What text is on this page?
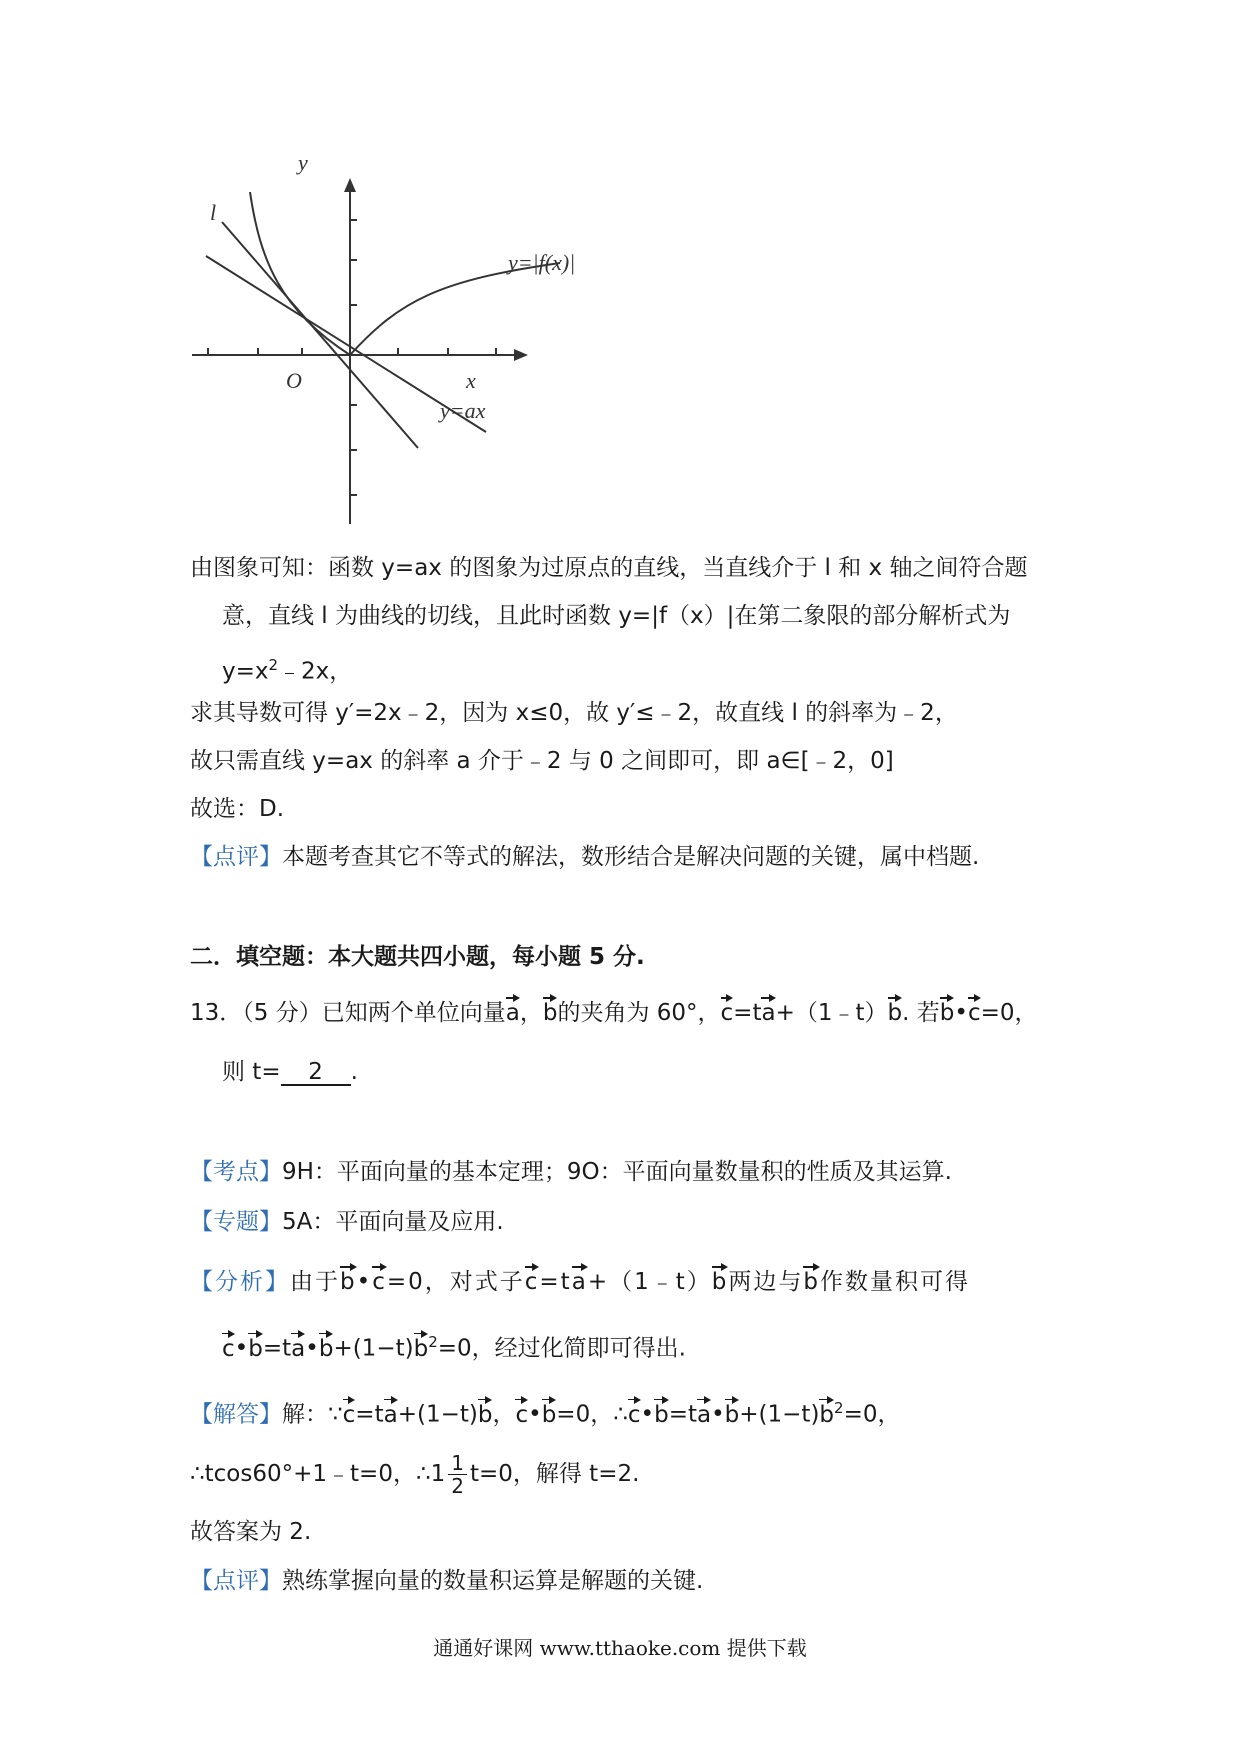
y
x
O
l
y=|f(x)|
y=ax
由图象可知：函数 y=ax 的图象为过原点的直线，当直线介于 l 和 x 轴之间符合题
意，直线 l 为曲线的切线，且此时函数 y=|f（x）|在第二象限的部分解析式为
$y=x^2﹣2x$，
求其导数可得 y′=2x﹣2，因为 x≤0，故 y′≤﹣2，故直线 l 的斜率为﹣2，
故只需直线 y=ax 的斜率 a 介于﹣2 与 0 之间即可，即 a∈[﹣2，0]
故选：D.
【点评】本题考查其它不等式的解法，数形结合是解决问题的关键，属中档题.
二．填空题：本大题共四小题，每小题 5 分.
13．（5 分）已知两个单位向量a，b的夹角为 60°，c=ta+（1﹣t）b. 若b•c=0，
则 t= 2 .
【考点】9H：平面向量的基本定理；9O：平面向量数量积的性质及其运算.
【专题】5A：平面向量及应用.
【分析】由于b•c=0，对式子c=ta+（1﹣t）b两边与b作数量积可得
$c•b=ta•b+(1-t)b^2=0$，经过化简即可得出.
【解答】解：∵c=ta+(1−t)b，c•b=0，$\therefore c•b=ta•b+(1-t)b^2=0$，
∴tcos60°+1﹣t=0，∴1 $\frac{1}{2} t=0$，解得 t=2.
故答案为 2.
【点评】熟练掌握向量的数量积运算是解题的关键.
通通好课网 www.tthaoke.com 提供下载
